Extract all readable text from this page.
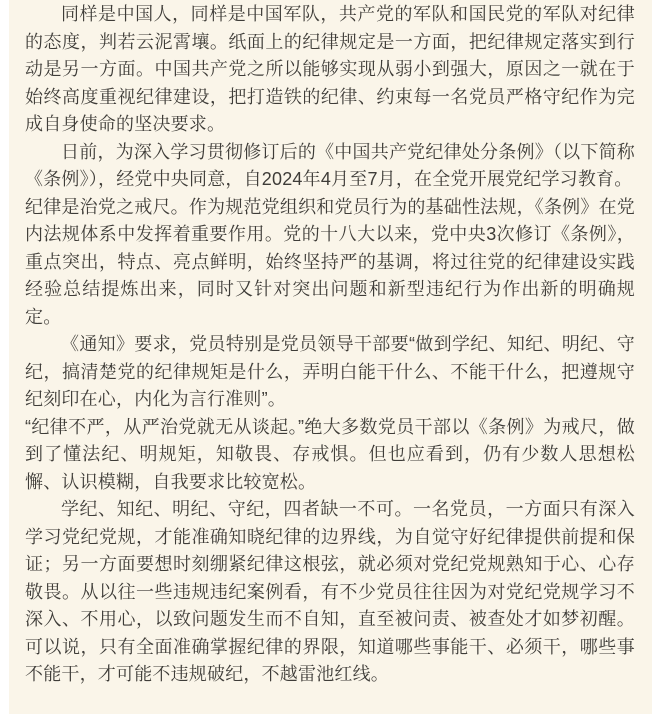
同样是中国人，同样是中国军队，共产党的军队和国民党的军队对纪律的态度，判若云泥霄壤。纸面上的纪律规定是一方面，把纪律规定落实到行动是另一方面。中国共产党之所以能够实现从弱小到强大，原因之一就在于始终高度重视纪律建设，把打造铁的纪律、约束每一名党员严格守纪作为完成自身使命的坚决要求。

日前，为深入学习贯彻修订后的《中国共产党纪律处分条例》（以下简称《条例》），经党中央同意，自2024年4月至7月，在全党开展党纪学习教育。

纪律是治党之戒尺。作为规范党组织和党员行为的基础性法规，《条例》在党内法规体系中发挥着重要作用。党的十八大以来，党中央3次修订《条例》，重点突出，特点、亮点鲜明，始终坚持严的基调，将过往党的纪律建设实践经验总结提炼出来，同时又针对突出问题和新型违纪行为作出新的明确规定。

《通知》要求，党员特别是党员领导干部要“做到学纪、知纪、明纪、守纪，搞清楚党的纪律规矩是什么，弄明白能干什么、不能干什么，把遵规守纪刻印在心，内化为言行准则”。

“纪律不严，从严治党就无从谈起。”绝大多数党员干部以《条例》为戒尺，做到了懂法纪、明规矩，知敬畏、存戒惧。但也应看到，仍有少数人思想松懈、认识模糊，自我要求比较宽松。

学纪、知纪、明纪、守纪，四者缺一不可。一名党员，一方面只有深入学习党纪党规，才能准确知晓纪律的边界线，为自觉守好纪律提供前提和保证；另一方面要想时刻绷紧纪律这根弦，就必须对党纪党规熟知于心、心存敬畏。从以往一些违规违纪案例看，有不少党员往往因为对党纪党规学习不深入、不用心，以致问题发生而不自知，直至被问责、被查处才如梦初醒。可以说，只有全面准确掌握纪律的界限，知道哪些事能干、必须干，哪些事不能干，才可能不违规破纪，不越雷池红线。
